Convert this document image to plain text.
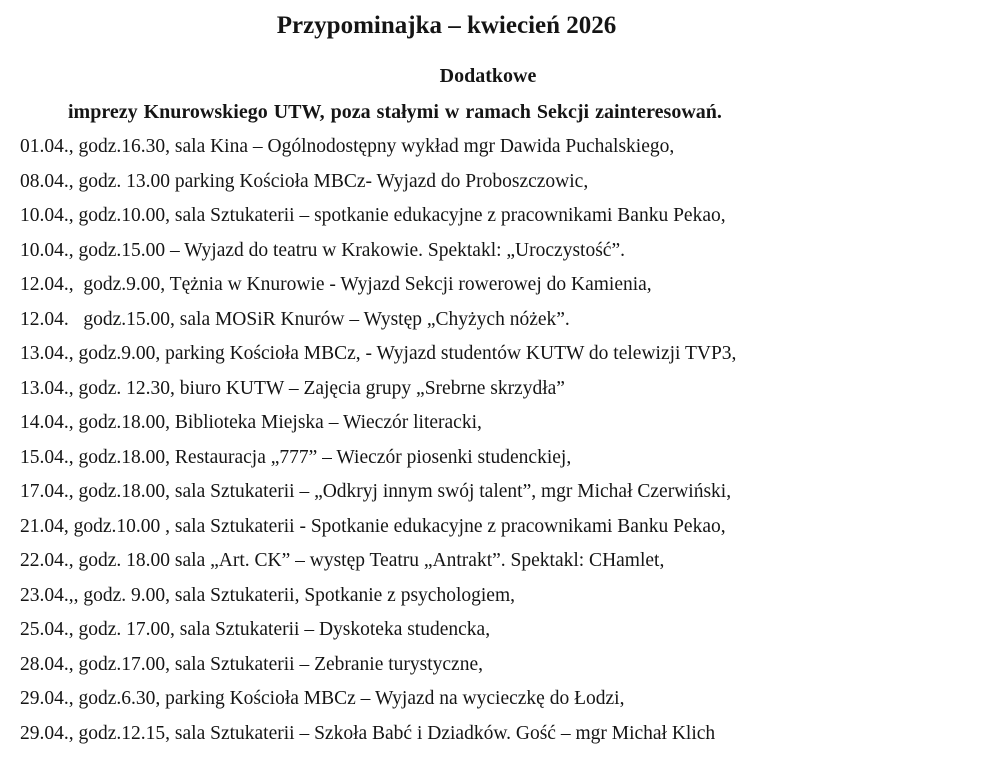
Przypominajka – kwiecień 2026
Dodatkowe
imprezy Knurowskiego UTW, poza stałymi w ramach Sekcji zainteresowań.
01.04., godz.16.30, sala Kina – Ogólnodostępny wykład mgr Dawida Puchalskiego,
08.04., godz. 13.00 parking Kościoła MBCz- Wyjazd do Proboszczowic,
10.04., godz.10.00, sala Sztukaterii – spotkanie edukacyjne z pracownikami Banku Pekao,
10.04., godz.15.00 – Wyjazd do teatru w Krakowie. Spektakl: „Uroczystość”.
12.04.,  godz.9.00, Tężnia w Knurowie - Wyjazd Sekcji rowerowej do Kamienia,
12.04.   godz.15.00, sala MOSiR Knurów – Występ „Chyżych nóżek”.
13.04., godz.9.00, parking Kościoła MBCz, - Wyjazd studentów KUTW do telewizji TVP3,
13.04., godz. 12.30, biuro KUTW – Zajęcia grupy „Srebrne skrzydła”
14.04., godz.18.00, Biblioteka Miejska – Wieczór literacki,
15.04., godz.18.00, Restauracja „777” – Wieczór piosenki studenckiej,
17.04., godz.18.00, sala Sztukaterii – „Odkryj innym swój talent”, mgr Michał Czerwiński,
21.04, godz.10.00 , sala Sztukaterii - Spotkanie edukacyjne z pracownikami Banku Pekao,
22.04., godz. 18.00 sala „Art. CK” – występ Teatru „Antrakt”. Spektakl: CHamlet,
23.04.,, godz. 9.00, sala Sztukaterii, Spotkanie z psychologiem,
25.04., godz. 17.00, sala Sztukaterii – Dyskoteka studencka,
28.04., godz.17.00, sala Sztukaterii – Zebranie turystyczne,
29.04., godz.6.30, parking Kościoła MBCz – Wyjazd na wycieczkę do Łodzi,
29.04., godz.12.15, sala Sztukaterii – Szkoła Babć i Dziadków. Gość – mgr Michał Klich
